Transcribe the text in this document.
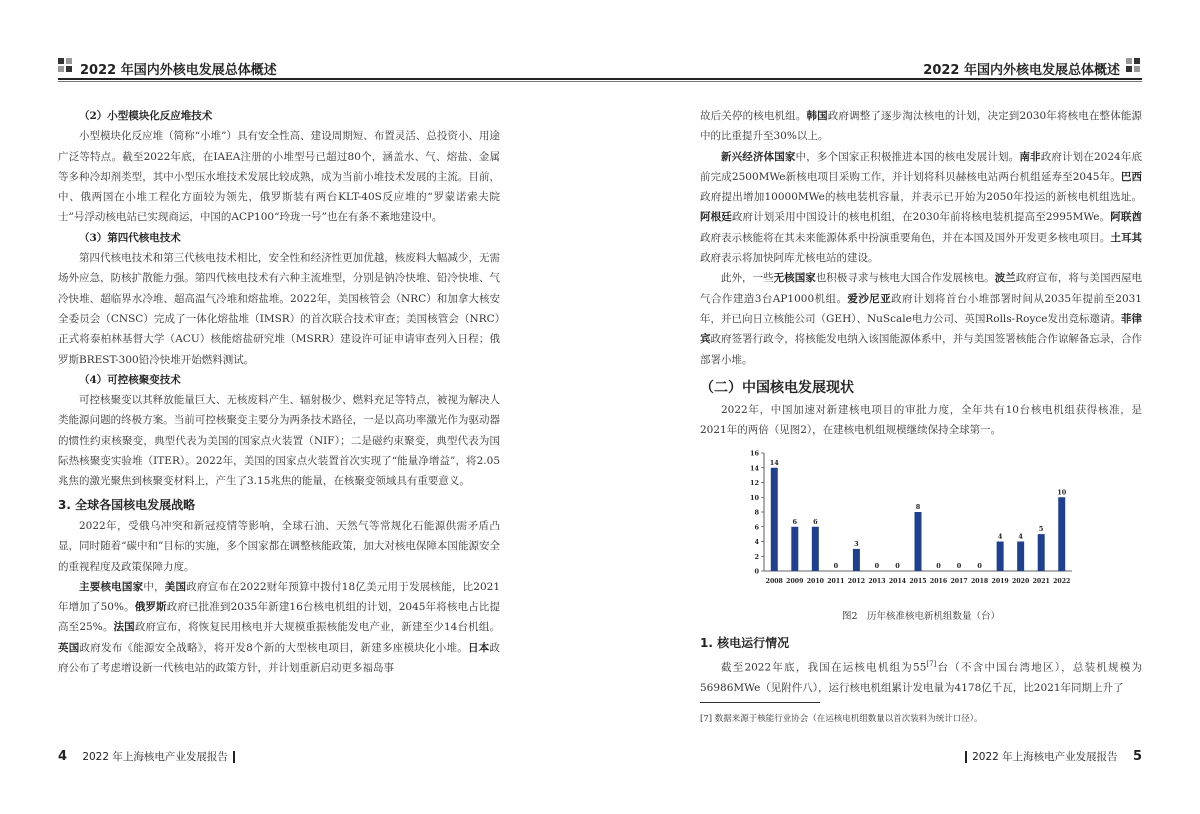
2022 年国内外核电发展总体概述
（2）小型模块化反应堆技术

小型模块化反应堆（简称“小堆”）具有安全性高、建设周期短、布置灵活、总投资小、用途广泛等特点。截至2022年底，在IAEA注册的小堆型号已超过80个，涵盖水、气、熔盐、金属等多种冷却剂类型，其中小型压水堆技术发展比较成熟，成为当前小堆技术发展的主流。目前，中、俄两国在小堆工程化方面较为领先，俄罗斯装有两台KLT-40S反应堆的“罗蒙诺索夫院士”号浮动核电站已实现商运，中国的ACP100“玲珑一号”也在有条不紊地建设中。

（3）第四代核电技术

第四代核电技术和第三代核电技术相比，安全性和经济性更加优越，核废料大幅减少，无需场外应急，防核扩散能力强。第四代核电技术有六种主流堆型，分别是钠冷快堆、铅冷快堆、气冷快堆、超临界水冷堆、超高温气冷堆和熔盐堆。2022年，美国核管会（NRC）和加拿大核安全委员会（CNSC）完成了一体化熔盐堆（IMSR）的首次联合技术审查；美国核管会（NRC）正式将泰柏林基督大学（ACU）核能熔盐研究堆（MSRR）建设许可证申请审查列入日程；俄罗斯BREST-300铅冷快堆开始燃料测试。

（4）可控核聚变技术

可控核聚变以其释放能量巨大、无核废料产生、辐射极少、燃料充足等特点，被视为解决人类能源问题的终极方案。当前可控核聚变主要分为两条技术路径，一是以高功率激光作为驱动器的惯性约束核聚变，典型代表为美国的国家点火装置（NIF）；二是磁约束聚变，典型代表为国际热核聚变实验堆（ITER）。2022年，美国的国家点火装置首次实现了“能量净增益”，将2.05兆焦的激光聚焦到核聚变材料上，产生了3.15兆焦的能量，在核聚变领域具有重要意义。

3. 全球各国核电发展战略

2022年，受俄乌冲突和新冠疫情等影响，全球石油、天然气等常规化石能源供需矛盾凸显，同时随着“碳中和”目标的实施，多个国家都在调整核能政策，加大对核电保障本国能源安全的重视程度及政策保障力度。

主要核电国家中，美国政府宣布在2022财年预算中拨付18亿美元用于发展核能，比2021年增加了50%。俄罗斯政府已批准到2035年新建16台核电机组的计划，2045年将核电占比提高至25%。法国政府宣布，将恢复民用核电并大规模重振核能发电产业，新建至少14台机组。英国政府发布《能源安全战略》，将开发8个新的大型核电项目，新建多座模块化小堆。日本政府公布了考虑增设新一代核电站的政策方针，并计划重新启动更多福岛事

4 2022 年上海核电产业发展报告
2022 年国内外核电发展总体概述

故后关停的核电机组。韩国政府调整了逐步淘汰核电的计划，决定到2030年将核电在整体能源中的比重提升至30%以上。

新兴经济体国家中，多个国家正积极推进本国的核电发展计划。南非政府计划在2024年底前完成2500MWe新核电项目采购工作，并计划将科贝赫核电站两台机组延寿至2045年。巴西政府提出增加10000MWe的核电装机容量，并表示已开始为2050年投运的新核电机组选址。阿根廷政府计划采用中国设计的核电机组，在2030年前将核电装机提高至2995MWe。阿联酋政府表示核能将在其未来能源体系中扮演重要角色，并在本国及国外开发更多核电项目。土耳其政府表示将加快阿库尤核电站的建设。

此外，一些无核国家也积极寻求与核电大国合作发展核电。波兰政府宣布，将与美国西屋电气合作建造3台AP1000机组。爱沙尼亚政府计划将首台小堆部署时间从2035年提前至2031年，并已向日立核能公司（GEH）、NuScale电力公司、英国Rolls-Royce发出竞标邀请。菲律宾政府签署行政令，将核能发电纳入该国能源体系中，并与美国签署核能合作谅解备忘录，合作部署小堆。

（二）中国核电发展现状

2022年，中国加速对新建核电项目的审批力度，全年共有10台核电机组获得核准，是2021年的两倍（见图2），在建核电机组规模继续保持全球第一。

0
2
4
6
8
10
12
14
16
14
2008
6
2009
6
2010
0
2011
3
2012
0
2013
0
2014
8
2015
0
2016
0
2017
0
2018
4
2019
4
2020
5
2021
10
2022
图2　历年核准核电新机组数量（台）
1. 核电运行情况

截至2022年底，我国在运核电机组为55[7]台（不含中国台湾地区），总装机规模为56986MWe（见附件八），运行核电机组累计发电量为4178亿千瓦，比2021年同期上升了

[7] 数据来源于核能行业协会（在运核电机组数量以首次装料为统计口径）。
2022 年上海核电产业发展报告 5
